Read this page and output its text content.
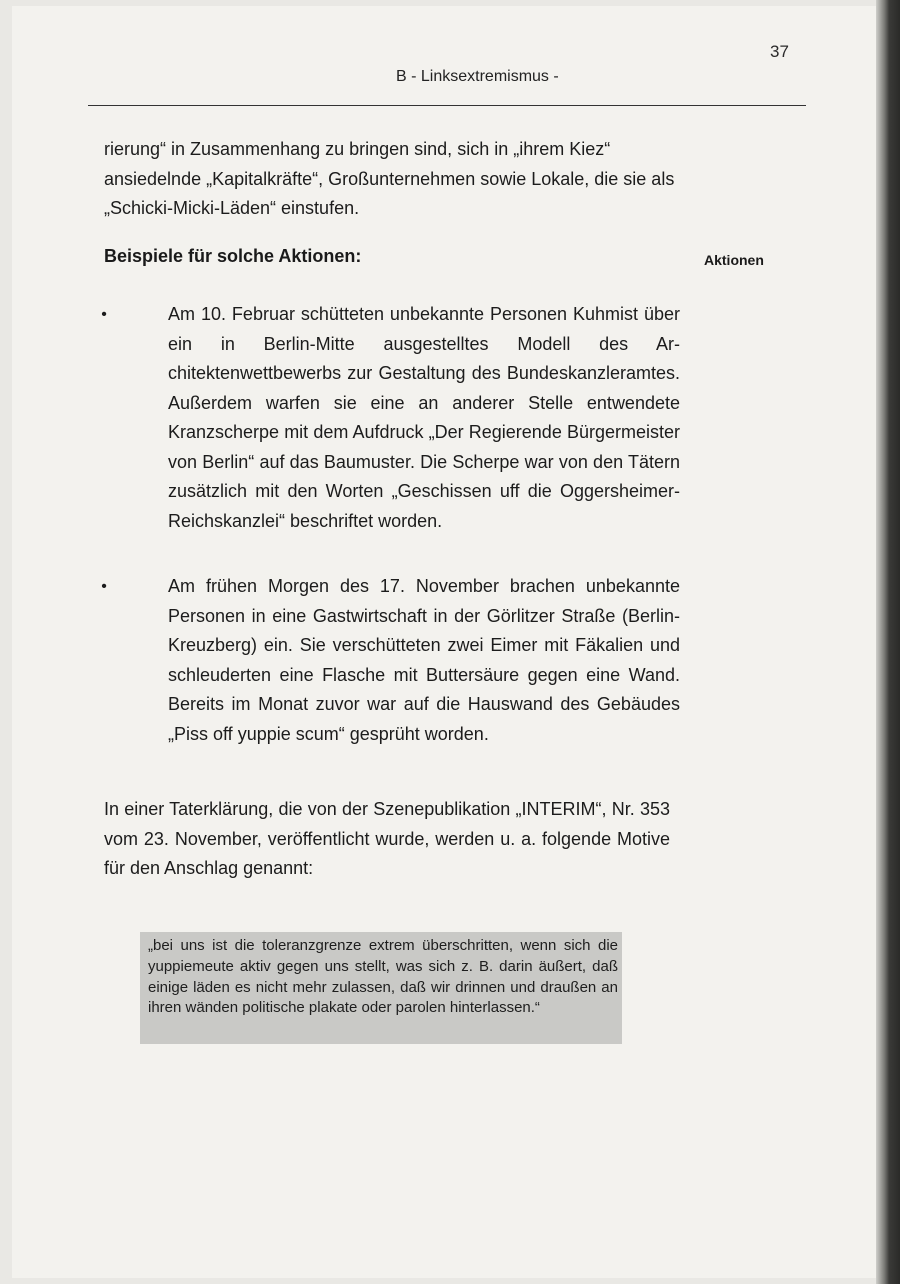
37
B - Linksextremismus -
rierung“ in Zusammenhang zu bringen sind, sich in „ihrem Kiez“ ansiedelnde „Kapitalkräfte“, Großunternehmen sowie Lokale, die sie als „Schicki-Micki-Läden“ einstufen.
Beispiele für solche Aktionen:	Aktionen
•	Am 10. Februar schütteten unbekannte Personen Kuhmist über ein in Berlin-Mitte ausgestelltes Modell des Architektenwettbewerbs zur Gestaltung des Bundeskanzleramtes. Außerdem warfen sie eine an anderer Stelle entwendete Kranzscherpe mit dem Aufdruck „Der Regierende Bürgermeister von Berlin“ auf das Baumuster. Die Scherpe war von den Tätern zusätzlich mit den Worten „Geschissen uff die Oggersheimer-Reichskanzlei“ beschriftet worden.
•	Am frühen Morgen des 17. November brachen unbekannte Personen in eine Gastwirtschaft in der Görlitzer Straße (Berlin-Kreuzberg) ein. Sie verschütteten zwei Eimer mit Fäkalien und schleuderten eine Flasche mit Buttersäure gegen eine Wand. Bereits im Monat zuvor war auf die Hauswand des Gebäudes „Piss off yuppie scum“ gesprüht worden.
In einer Taterklärung, die von der Szenepublikation „INTERIM“, Nr. 353 vom 23. November, veröffentlicht wurde, werden u. a. folgende Motive für den Anschlag genannt:
„bei uns ist die toleranzgrenze extrem überschritten, wenn sich die yuppiemeute aktiv gegen uns stellt, was sich z. B. darin äußert, daß einige läden es nicht mehr zulassen, daß wir drinnen und draußen an ihren wänden politische plakate oder parolen hinterlassen.“
